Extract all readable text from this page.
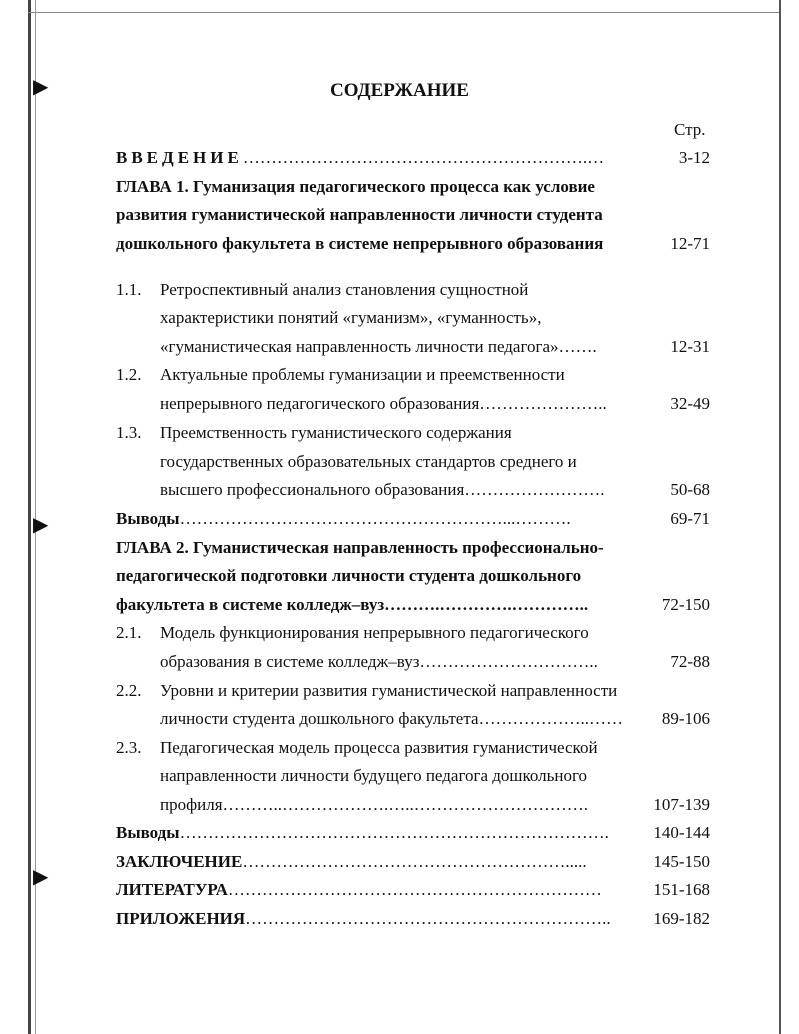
▶
▶
▶
СОДЕРЖАНИЕ
Стр.
ВВЕДЕНИЕ…………………………………………………….…	3-12
ГЛАВА 1. Гуманизация педагогического процесса как условие
развития гуманистической направленности личности студента
дошкольного факультета в системе непрерывного образования	12-71
1.1. Ретроспективный анализ становления сущностной
характеристики понятий «гуманизм», «гуманность»,
«гуманистическая направленность личности педагога»…….	12-31
1.2. Актуальные проблемы гуманизации и преемственности
непрерывного педагогического образования…………………..	32-49
1.3. Преемственность гуманистического содержания
государственных образовательных стандартов среднего и
высшего профессионального образования…………………….	50-68
Выводы…………………………………………………...……….	69-71
ГЛАВА 2. Гуманистическая направленность профессионально-
педагогической подготовки личности студента дошкольного
факультета в системе колледж–вуз……….………….…………..	72-150
2.1. Модель функционирования непрерывного педагогического
образования в системе колледж–вуз…………………………..	72-88
2.2. Уровни и критерии развития гуманистической направленности
личности студента дошкольного факультета………………..……	89-106
2.3. Педагогическая модель процесса развития гуманистической
направленности личности будущего педагога дошкольного
профиля………..……………….…..………………………….	107-139
Выводы………………………………………………………………….	140-144
ЗАКЛЮЧЕНИЕ………………………………………………….....	145-150
ЛИТЕРАТУРА…………………………………………………………	151-168
ПРИЛОЖЕНИЯ………………………………………………………..	169-182
